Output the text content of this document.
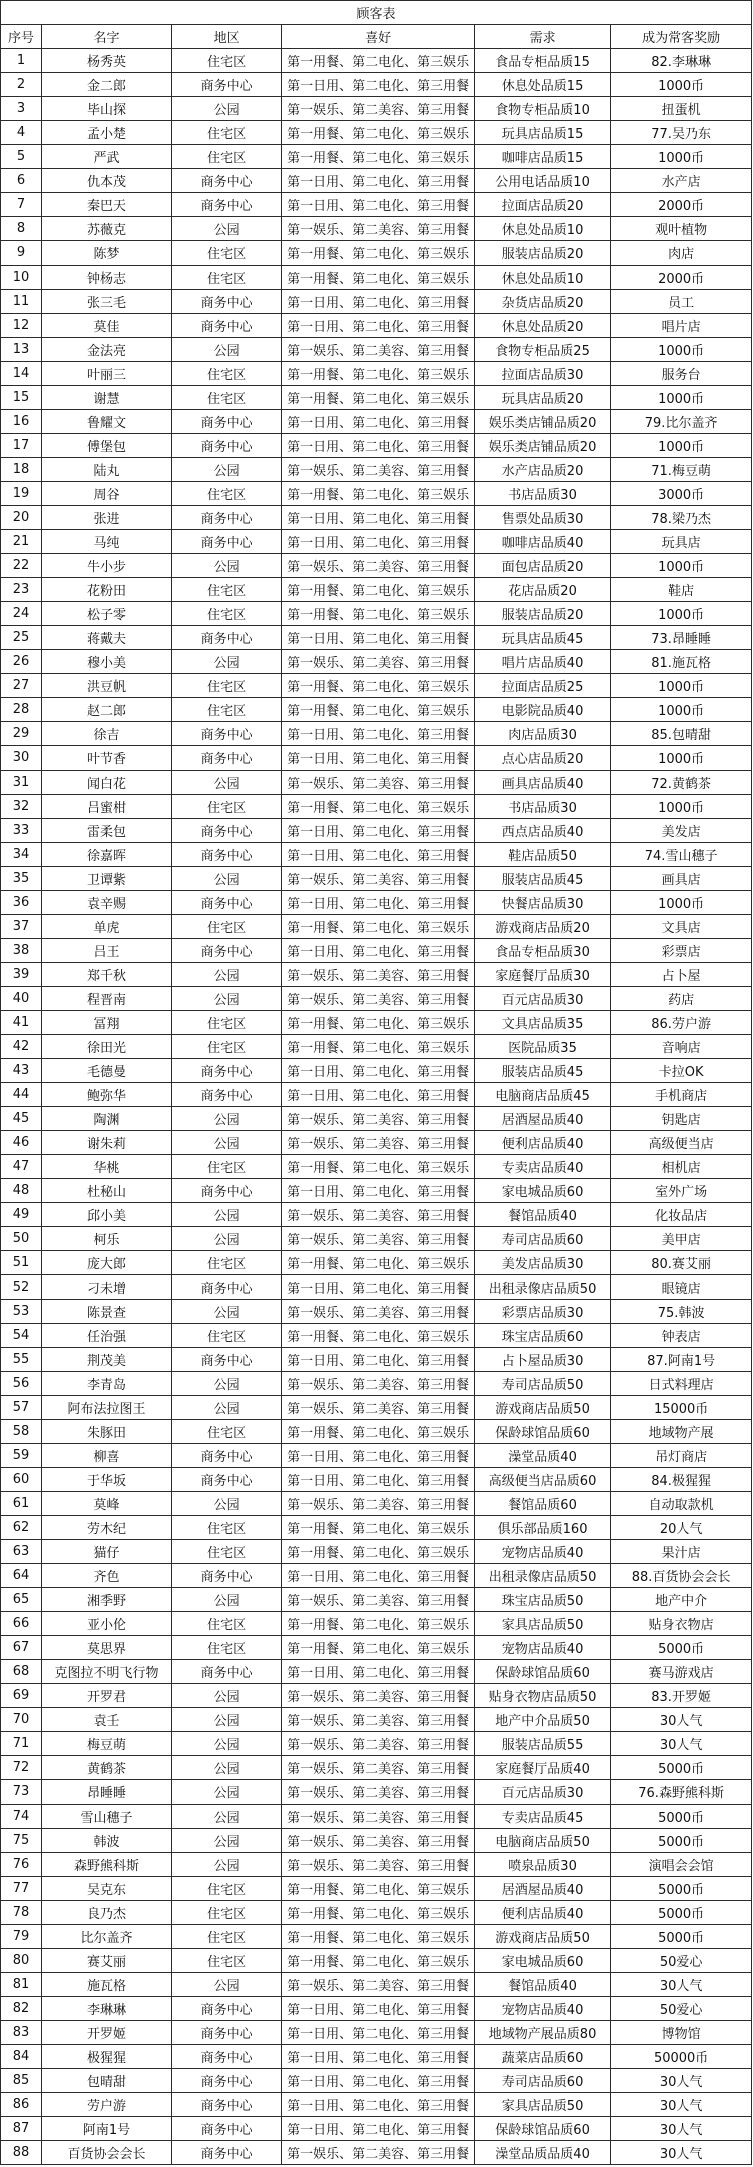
顾客表					
序号	名字	地区	喜好	需求	成为常客奖励
1	杨秀英	住宅区	第一用餐、第二电化、第三娱乐	食品专柜品质15	82.李琳琳
2	金二郎	商务中心	第一日用、第二电化、第三用餐	休息处品质15	1000币
3	毕山探	公园	第一娱乐、第二美容、第三用餐	食物专柜品质10	扭蛋机
4	孟小楚	住宅区	第一用餐、第二电化、第三娱乐	玩具店品质15	77.吴乃东
5	严武	住宅区	第一用餐、第二电化、第三娱乐	咖啡店品质15	1000币
6	仇本茂	商务中心	第一日用、第二电化、第三用餐	公用电话品质10	水产店
7	秦巴天	商务中心	第一日用、第二电化、第三用餐	拉面店品质20	2000币
8	苏薇克	公园	第一娱乐、第二美容、第三用餐	休息处品质10	观叶植物
9	陈梦	住宅区	第一用餐、第二电化、第三娱乐	服装店品质20	肉店
10	钟杨志	住宅区	第一用餐、第二电化、第三娱乐	休息处品质10	2000币
11	张三毛	商务中心	第一日用、第二电化、第三用餐	杂货店品质20	员工
12	莫佳	商务中心	第一日用、第二电化、第三用餐	休息处品质20	唱片店
13	金法亮	公园	第一娱乐、第二美容、第三用餐	食物专柜品质25	1000币
14	叶丽三	住宅区	第一用餐、第二电化、第三娱乐	拉面店品质30	服务台
15	谢慧	住宅区	第一用餐、第二电化、第三娱乐	玩具店品质20	1000币
16	鲁耀文	商务中心	第一日用、第二电化、第三用餐	娱乐类店铺品质20	79.比尔盖齐
17	傅堡包	商务中心	第一日用、第二电化、第三用餐	娱乐类店铺品质20	1000币
18	陆丸	公园	第一娱乐、第二美容、第三用餐	水产店品质20	71.梅豆萌
19	周谷	住宅区	第一用餐、第二电化、第三娱乐	书店品质30	3000币
20	张进	商务中心	第一日用、第二电化、第三用餐	售票处品质30	78.梁乃杰
21	马纯	商务中心	第一日用、第二电化、第三用餐	咖啡店品质40	玩具店
22	牛小步	公园	第一娱乐、第二美容、第三用餐	面包店品质20	1000币
23	花粉田	住宅区	第一用餐、第二电化、第三娱乐	花店品质20	鞋店
24	松子零	住宅区	第一用餐、第二电化、第三娱乐	服装店品质20	1000币
25	蒋戴夫	商务中心	第一日用、第二电化、第三用餐	玩具店品质45	73.昂睡睡
26	穆小美	公园	第一娱乐、第二美容、第三用餐	唱片店品质40	81.施瓦格
27	洪豆帆	住宅区	第一用餐、第二电化、第三娱乐	拉面店品质25	1000币
28	赵二郎	住宅区	第一用餐、第二电化、第三娱乐	电影院品质40	1000币
29	徐吉	商务中心	第一日用、第二电化、第三用餐	肉店品质30	85.包晴甜
30	叶节香	商务中心	第一日用、第二电化、第三用餐	点心店品质20	1000币
31	闻白花	公园	第一娱乐、第二美容、第三用餐	画具店品质40	72.黄鹤茶
32	吕蜜柑	住宅区	第一用餐、第二电化、第三娱乐	书店品质30	1000币
33	雷柔包	商务中心	第一日用、第二电化、第三用餐	西点店品质40	美发店
34	徐嘉晖	商务中心	第一日用、第二电化、第三用餐	鞋店品质50	74.雪山穗子
35	卫谭紫	公园	第一娱乐、第二美容、第三用餐	服装店品质45	画具店
36	袁辛赐	商务中心	第一日用、第二电化、第三用餐	快餐店品质30	1000币
37	单虎	住宅区	第一用餐、第二电化、第三娱乐	游戏商店品质20	文具店
38	吕王	商务中心	第一日用、第二电化、第三用餐	食品专柜品质30	彩票店
39	郑千秋	公园	第一娱乐、第二美容、第三用餐	家庭餐厅品质30	占卜屋
40	程晋南	公园	第一娱乐、第二美容、第三用餐	百元店品质30	药店
41	冨翔	住宅区	第一用餐、第二电化、第三娱乐	文具店品质35	86.劳户游
42	徐田光	住宅区	第一用餐、第二电化、第三娱乐	医院品质35	音响店
43	毛德曼	商务中心	第一日用、第二电化、第三用餐	服装店品质45	卡拉OK
44	鲍弥华	商务中心	第一日用、第二电化、第三用餐	电脑商店品质45	手机商店
45	陶渊	公园	第一娱乐、第二美容、第三用餐	居酒屋品质40	钥匙店
46	谢朱莉	公园	第一娱乐、第二美容、第三用餐	便利店品质40	高级便当店
47	华桃	住宅区	第一用餐、第二电化、第三娱乐	专卖店品质40	相机店
48	杜秘山	商务中心	第一日用、第二电化、第三用餐	家电城品质60	室外广场
49	邱小美	公园	第一娱乐、第二美容、第三用餐	餐馆品质40	化妆品店
50	柯乐	公园	第一娱乐、第二美容、第三用餐	寿司店品质60	美甲店
51	庞大郎	住宅区	第一用餐、第二电化、第三娱乐	美发店品质30	80.赛艾丽
52	刁未增	商务中心	第一日用、第二电化、第三用餐	出租录像店品质50	眼镜店
53	陈景查	公园	第一娱乐、第二美容、第三用餐	彩票店品质30	75.韩波
54	任治强	住宅区	第一用餐、第二电化、第三娱乐	珠宝店品质60	钟表店
55	荆茂美	商务中心	第一日用、第二电化、第三用餐	占卜屋品质30	87.阿南1号
56	李青岛	公园	第一娱乐、第二美容、第三用餐	寿司店品质50	日式料理店
57	阿布法拉图王	公园	第一娱乐、第二美容、第三用餐	游戏商店品质50	15000币
58	朱豚田	住宅区	第一用餐、第二电化、第三娱乐	保龄球馆品质60	地域物产展
59	柳喜	商务中心	第一日用、第二电化、第三用餐	澡堂品质40	吊灯商店
60	于华坂	商务中心	第一日用、第二电化、第三用餐	高级便当店品质60	84.极猩猩
61	莫峰	公园	第一娱乐、第二美容、第三用餐	餐馆品质60	自动取款机
62	劳木纪	住宅区	第一用餐、第二电化、第三娱乐	俱乐部品质160	20人气
63	猫仔	住宅区	第一用餐、第二电化、第三娱乐	宠物店品质40	果汁店
64	齐色	商务中心	第一日用、第二电化、第三用餐	出租录像店品质50	88.百货协会会长
65	湘季野	公园	第一娱乐、第二美容、第三用餐	珠宝店品质50	地产中介
66	亚小伦	住宅区	第一用餐、第二电化、第三娱乐	家具店品质50	贴身衣物店
67	莫思界	住宅区	第一用餐、第二电化、第三娱乐	宠物店品质40	5000币
68	克图拉不明飞行物	商务中心	第一日用、第二电化、第三用餐	保龄球馆品质60	赛马游戏店
69	开罗君	公园	第一娱乐、第二美容、第三用餐	贴身衣物店品质50	83.开罗姬
70	袁壬	公园	第一娱乐、第二美容、第三用餐	地产中介品质50	30人气
71	梅豆萌	公园	第一娱乐、第二美容、第三用餐	服装店品质55	30人气
72	黄鹤茶	公园	第一娱乐、第二美容、第三用餐	家庭餐厅品质40	5000币
73	昂睡睡	公园	第一娱乐、第二美容、第三用餐	百元店品质30	76.森野熊科斯
74	雪山穗子	公园	第一娱乐、第二美容、第三用餐	专卖店品质45	5000币
75	韩波	公园	第一娱乐、第二美容、第三用餐	电脑商店品质50	5000币
76	森野熊科斯	公园	第一娱乐、第二美容、第三用餐	喷泉品质30	演唱会会馆
77	吴克东	住宅区	第一用餐、第二电化、第三娱乐	居酒屋品质40	5000币
78	良乃杰	住宅区	第一用餐、第二电化、第三娱乐	便利店品质40	5000币
79	比尔盖齐	住宅区	第一用餐、第二电化、第三娱乐	游戏商店品质50	5000币
80	赛艾丽	住宅区	第一用餐、第二电化、第三娱乐	家电城品质60	50爱心
81	施瓦格	公园	第一娱乐、第二美容、第三用餐	餐馆品质40	30人气
82	李琳琳	商务中心	第一日用、第二电化、第三用餐	宠物店品质40	50爱心
83	开罗姬	商务中心	第一日用、第二电化、第三用餐	地域物产展品质80	博物馆
84	极猩猩	商务中心	第一日用、第二电化、第三用餐	蔬菜店品质60	50000币
85	包晴甜	商务中心	第一日用、第二电化、第三用餐	寿司店品质60	30人气
86	劳户游	商务中心	第一日用、第二电化、第三用餐	家具店品质50	30人气
87	阿南1号	商务中心	第一日用、第二电化、第三用餐	保龄球馆品质60	30人气
88	百货协会会长	商务中心	第一娱乐、第二美容、第三用餐	澡堂品质品质40	30人气
